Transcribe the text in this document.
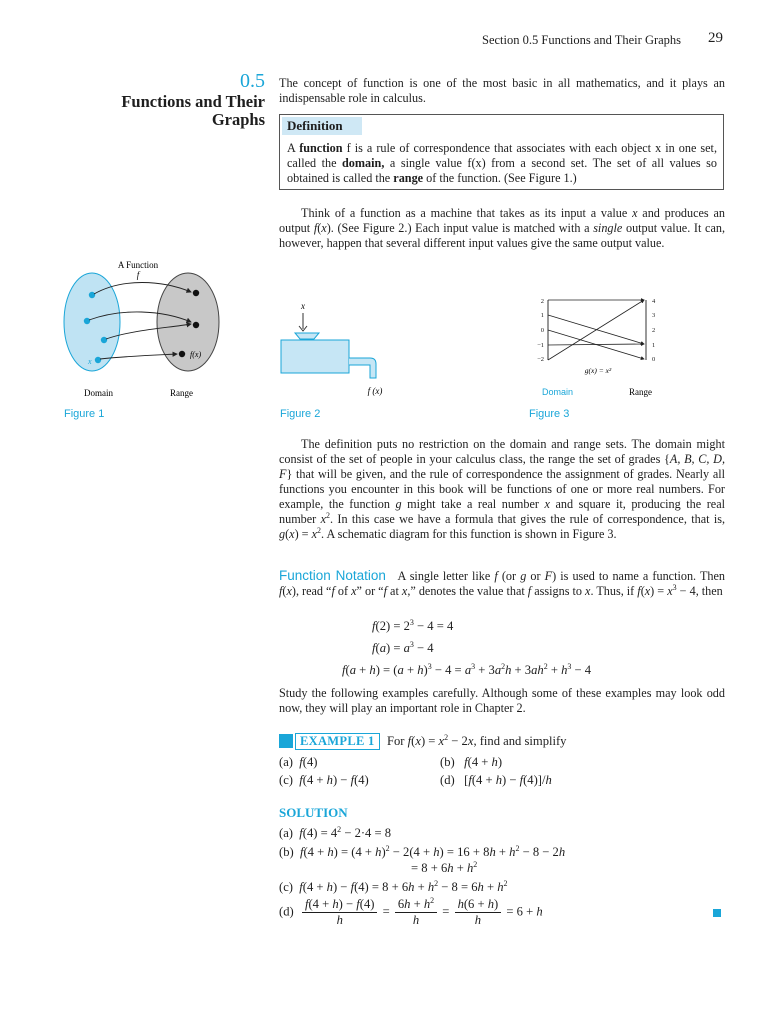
Section 0.5 Functions and Their Graphs 29
0.5
Functions and Their
Graphs
The concept of function is one of the most basic in all mathematics, and it plays an indispensable role in calculus.
Definition
A function f is a rule of correspondence that associates with each object x in one set, called the domain, a single value f(x) from a second set. The set of all values so obtained is called the range of the function. (See Figure 1.)
Think of a function as a machine that takes as its input a value x and produces an output f(x). (See Figure 2.) Each input value is matched with a single output value. It can, however, happen that several different input values give the same output value.
A Function
f
x
f(x)
Domain	Range
Figure 1
x
f (x)
Figure 2
2
1
0
−1
−2
4
3
2
1
0
g(x) = x²
Domain	Range
Figure 3
The definition puts no restriction on the domain and range sets. The domain might consist of the set of people in your calculus class, the range the set of grades {A, B, C, D, F} that will be given, and the rule of correspondence the assignment of grades. Nearly all functions you encounter in this book will be functions of one or more real numbers. For example, the function g might take a real number x and square it, producing the real number $x^2$. In this case we have a formula that gives the rule of correspondence, that is, $g(x) = x^2$. A schematic diagram for this function is shown in Figure 3.
Function Notation A single letter like f (or g or F) is used to name a function. Then f(x), read “f of x” or “f at x,” denotes the value that f assigns to x. Thus, if $f(x) = x^3 - 4$, then
$f(2) = 2^3 - 4 = 4$
$f(a) = a^3 - 4$
$f(a + h) = (a + h)^3 - 4 = a^3 + 3a^2h + 3ah^2 + h^3 - 4$
Study the following examples carefully. Although some of these examples may look odd now, they will play an important role in Chapter 2.
EXAMPLE 1 For $f(x) = x^2 - 2x$, find and simplify
(a) f(4)	(b) f(4 + h)
(c) f(4 + h) − f(4)	(d)   [f(4 + h) − f(4)]/h
SOLUTION
(a)  $f(4) = 4^2 - 2\cdot 4 = 8$
(b)  $f(4 + h) = (4 + h)^2 - 2(4 + h) = 16 + 8h + h^2 - 8 - 2h$
= $8 + 6h + h^2$
(c)  $f(4 + h) - f(4) = 8 + 6h + h^2 - 8 = 6h + h^2$
$(d) \frac{f(4 + h) - f(4)}{h} = \frac{6h + h^2}{h} = \frac{h(6 + h)}{h} = 6 + h$
